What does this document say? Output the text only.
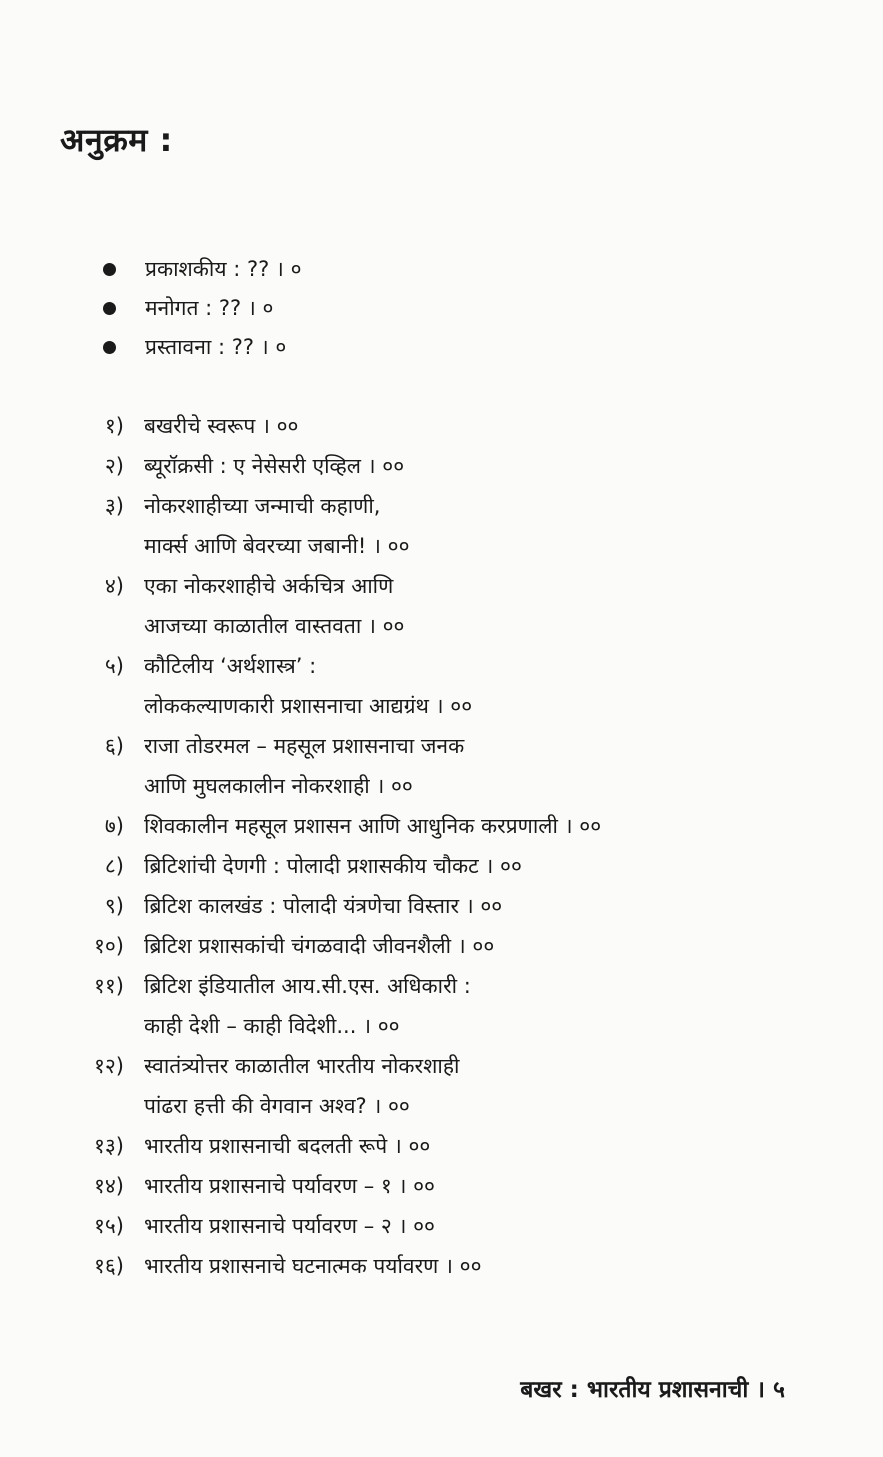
अनुक्रम :
प्रकाशकीय : ?? । ०
मनोगत : ?? । ०
प्रस्तावना : ?? । ०
१) बखरीचे स्वरूप । ००
२) ब्यूरॉक्रसी : ए नेसेसरी एव्हिल । ००
३) नोकरशाहीच्या जन्माची कहाणी,
मार्क्स आणि बेवरच्या जबानी! । ००
४) एका नोकरशाहीचे अर्कचित्र आणि
आजच्या काळातील वास्तवता । ००
५) कौटिलीय ‘अर्थशास्त्र’ :
लोककल्याणकारी प्रशासनाचा आद्यग्रंथ । ००
६) राजा तोडरमल – महसूल प्रशासनाचा जनक
आणि मुघलकालीन नोकरशाही । ००
७) शिवकालीन महसूल प्रशासन आणि आधुनिक करप्रणाली । ००
८) ब्रिटिशांची देणगी : पोलादी प्रशासकीय चौकट । ००
९) ब्रिटिश कालखंड : पोलादी यंत्रणेचा विस्तार । ००
१०) ब्रिटिश प्रशासकांची चंगळवादी जीवनशैली । ००
११) ब्रिटिश इंडियातील आय.सी.एस. अधिकारी :
काही देशी – काही विदेशी... । ००
१२) स्वातंत्र्योत्तर काळातील भारतीय नोकरशाही
पांढरा हत्ती की वेगवान अश्व? । ००
१३) भारतीय प्रशासनाची बदलती रूपे । ००
१४) भारतीय प्रशासनाचे पर्यावरण – १ । ००
१५) भारतीय प्रशासनाचे पर्यावरण – २ । ००
१६) भारतीय प्रशासनाचे घटनात्मक पर्यावरण । ००
बखर : भारतीय प्रशासनाची । ५
